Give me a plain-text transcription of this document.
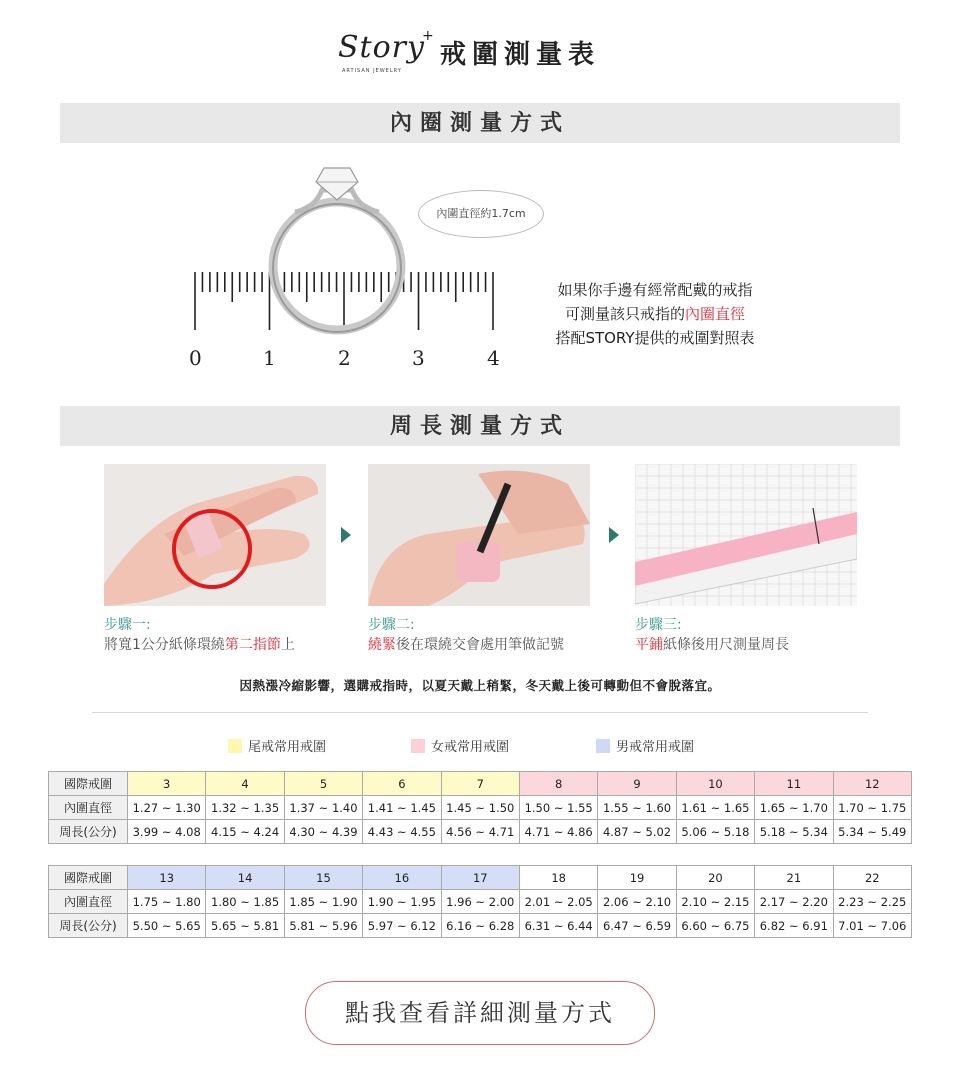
Story
+
ARTISAN JEWELRY
戒圍測量表
內圈測量方式
0	1	2	3	4
內圍直徑約1.7cm
如果你手邊有經常配戴的戒指
可測量該只戒指的內圈直徑
搭配STORY提供的戒圍對照表
周長測量方式
步驟一:
將寬1公分紙條環繞第二指節上
步驟二:
繞緊後在環繞交會處用筆做記號
步驟三:
平鋪紙條後用尺測量周長
因熱漲冷縮影響，選購戒指時，以夏天戴上稍緊，冬天戴上後可轉動但不會脫落宜。
尾戒常用戒圍	女戒常用戒圍	男戒常用戒圍
國際戒圍	3	4	5	6	7	8	9	10	11	12
內圍直徑	1.27 ~ 1.30	1.32 ~ 1.35	1.37 ~ 1.40	1.41 ~ 1.45	1.45 ~ 1.50	1.50 ~ 1.55	1.55 ~ 1.60	1.61 ~ 1.65	1.65 ~ 1.70	1.70 ~ 1.75
周長(公分)	3.99 ~ 4.08	4.15 ~ 4.24	4.30 ~ 4.39	4.43 ~ 4.55	4.56 ~ 4.71	4.71 ~ 4.86	4.87 ~ 5.02	5.06 ~ 5.18	5.18 ~ 5.34	5.34 ~ 5.49
國際戒圍	13	14	15	16	17	18	19	20	21	22
內圍直徑	1.75 ~ 1.80	1.80 ~ 1.85	1.85 ~ 1.90	1.90 ~ 1.95	1.96 ~ 2.00	2.01 ~ 2.05	2.06 ~ 2.10	2.10 ~ 2.15	2.17 ~ 2.20	2.23 ~ 2.25
周長(公分)	5.50 ~ 5.65	5.65 ~ 5.81	5.81 ~ 5.96	5.97 ~ 6.12	6.16 ~ 6.28	6.31 ~ 6.44	6.47 ~ 6.59	6.60 ~ 6.75	6.82 ~ 6.91	7.01 ~ 7.06
點我查看詳細測量方式
